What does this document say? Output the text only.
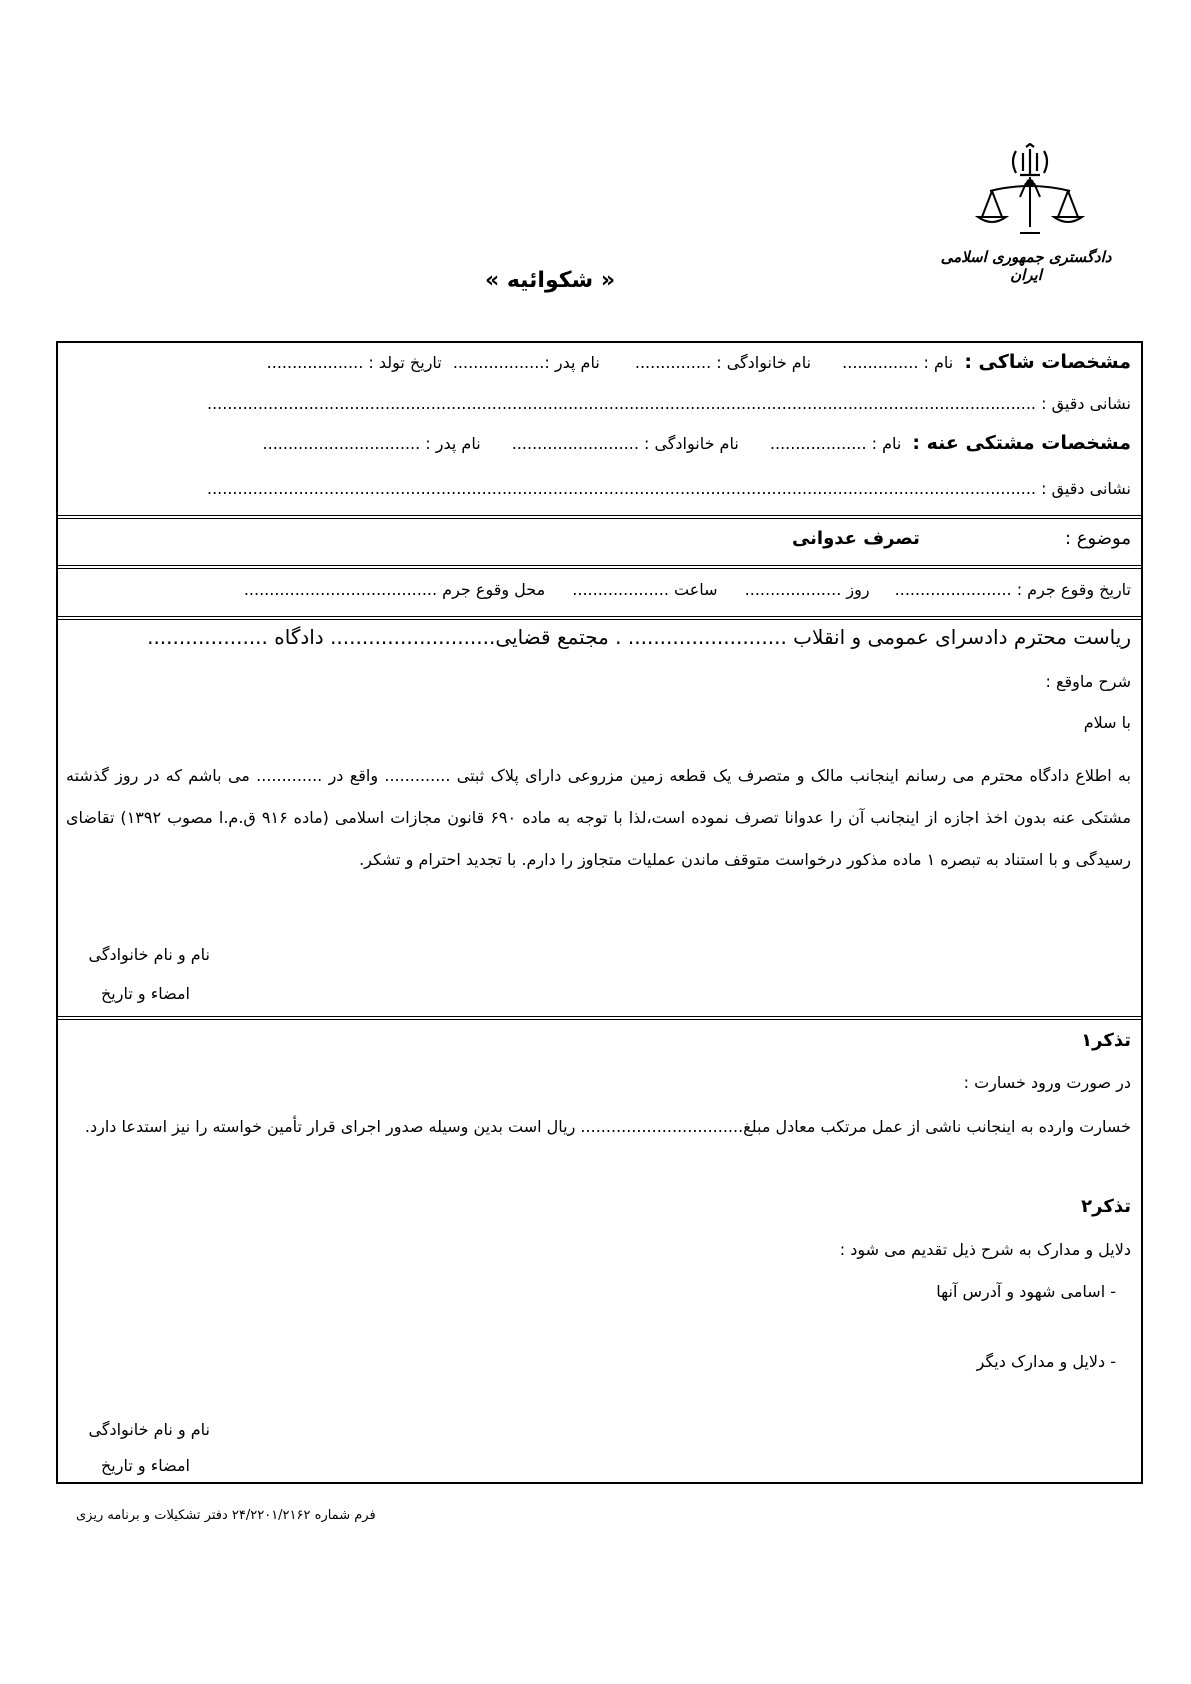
دادگستری جمهوری اسلامی ایران
« شکوائیه »
مشخصات شاکی : نام : ............... نام خانوادگی : ............... نام پدر :.................. تاریخ تولد : ...................
نشانی دقیق : ...................................................................................................................................................................
مشخصات مشتکی عنه : نام : ................... نام خانوادگی : ......................... نام پدر : ...............................
نشانی دقیق : ...................................................................................................................................................................
موضوع : تصرف عدوانی
تاریخ وقوع جرم : ....................... روز ................... ساعت ................... محل وقوع جرم ......................................
ریاست محترم دادسرای عمومی و انقلاب ......................... . مجتمع قضایی.......................... دادگاه ...................
شرح ماوقع :
با سلام
به اطلاع دادگاه محترم می رسانم اینجانب مالک و متصرف یک قطعه زمین مزروعی دارای پلاک ثبتی ............. واقع در ............. می باشم که در روز گذشته مشتکی عنه بدون اخذ اجازه از اینجانب آن را عدوانا تصرف نموده است،لذا با توجه به ماده ۶۹۰ قانون مجازات اسلامی (ماده ۹۱۶ ق.م.ا مصوب ۱۳۹۲) تقاضای رسیدگی و با استناد به تبصره ۱ ماده مذکور درخواست متوقف ماندن عملیات متجاوز را دارم. با تجدید احترام و تشکر.
نام و نام خانوادگی
امضاء و تاریخ
تذکر۱
در صورت ورود خسارت :
خسارت وارده به اینجانب ناشی از عمل مرتکب معادل مبلغ................................ ریال است بدین وسیله صدور اجرای قرار تأمین خواسته را نیز استدعا دارد.
تذکر۲
دلایل و مدارک به شرح ذیل تقدیم می شود :
- اسامی شهود و آدرس آنها
- دلایل و مدارک دیگر
نام و نام خانوادگی
امضاء و تاریخ
فرم شماره ۲۴/۲۲۰۱/۲۱۶۲ دفتر تشکیلات و برنامه ریزی
